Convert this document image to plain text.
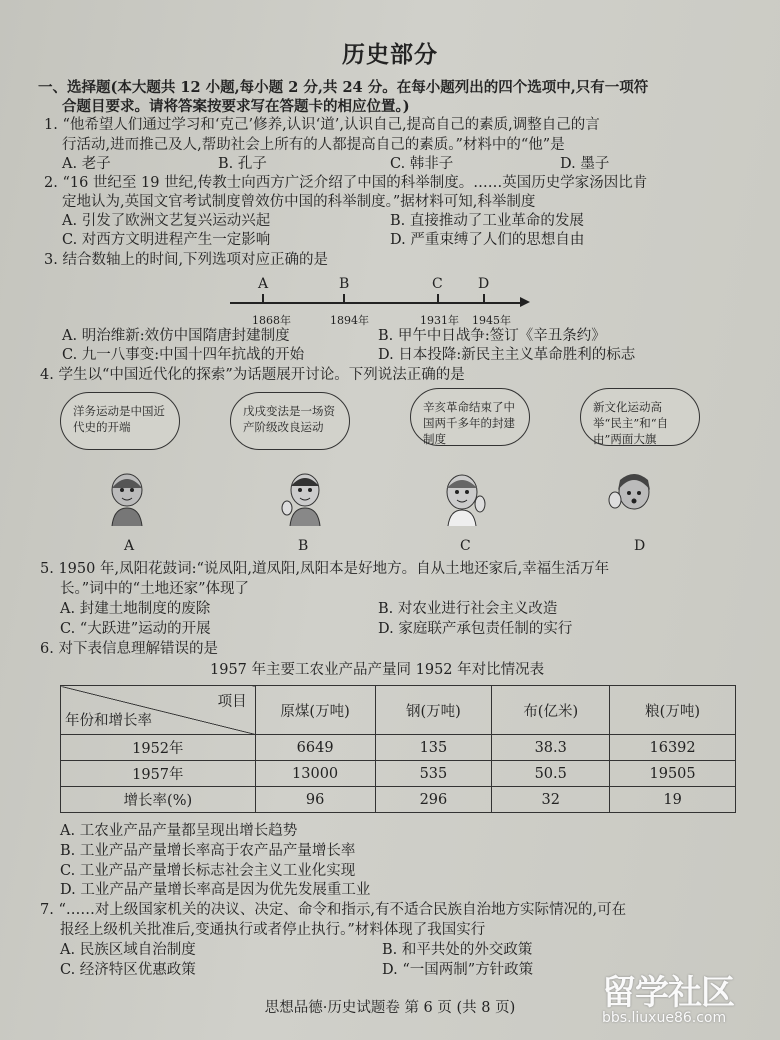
历史部分
一、选择题(本大题共 12 小题,每小题 2 分,共 24 分。在每小题列出的四个选项中,只有一项符
合题目要求。请将答案按要求写在答题卡的相应位置。)
1. “他希望人们通过学习和‘克己’修养,认识‘道’,认识自己,提高自己的素质,调整自己的言
行活动,进而推己及人,帮助社会上所有的人都提高自己的素质。”材料中的“他”是
A. 老子	B. 孔子	C. 韩非子	D. 墨子
2. “16 世纪至 19 世纪,传教士向西方广泛介绍了中国的科举制度。……英国历史学家汤因比肯
定地认为,英国文官考试制度曾效仿中国的科举制度。”据材料可知,科举制度
A. 引发了欧洲文艺复兴运动兴起	B. 直接推动了工业革命的发展
C. 对西方文明进程产生一定影响	D. 严重束缚了人们的思想自由
3. 结合数轴上的时间,下列选项对应正确的是
A	B	C	D
1868年	1894年	1931年 1945年
A. 明治维新:效仿中国隋唐封建制度	B. 甲午中日战争:签订《辛丑条约》
C. 九一八事变:中国十四年抗战的开始	D. 日本投降:新民主主义革命胜利的标志
4. 学生以“中国近代化的探索”为话题展开讨论。下列说法正确的是
洋务运动是中国近代史的开端
戊戌变法是一场资产阶级改良运动
辛亥革命结束了中国两千多年的封建制度
新文化运动高举“民主”和“自由”两面大旗
A	B	C	D
5. 1950 年,凤阳花鼓词:“说凤阳,道凤阳,凤阳本是好地方。自从土地还家后,幸福生活万年
长。”词中的“土地还家”体现了
A. 封建土地制度的废除	B. 对农业进行社会主义改造
C. “大跃进”运动的开展	D. 家庭联产承包责任制的实行
6. 对下表信息理解错误的是
1957 年主要工农业产品产量同 1952 年对比情况表
项目
年份和增长率	原煤(万吨)	钢(万吨)	布(亿米)	粮(万吨)
1952年	6649	135	38.3	16392
1957年	13000	535	50.5	19505
增长率(%)	96	296	32	19
A. 工农业产品产量都呈现出增长趋势
B. 工业产品产量增长率高于农产品产量增长率
C. 工业产品产量增长标志社会主义工业化实现
D. 工业产品产量增长率高是因为优先发展重工业
7. “……对上级国家机关的决议、决定、命令和指示,有不适合民族自治地方实际情况的,可在
报经上级机关批准后,变通执行或者停止执行。”材料体现了我国实行
A. 民族区域自治制度	B. 和平共处的外交政策
C. 经济特区优惠政策	D. “一国两制”方针政策
思想品德·历史试题卷 第 6 页 (共 8 页)	留学社区
bbs.liuxue86.com
